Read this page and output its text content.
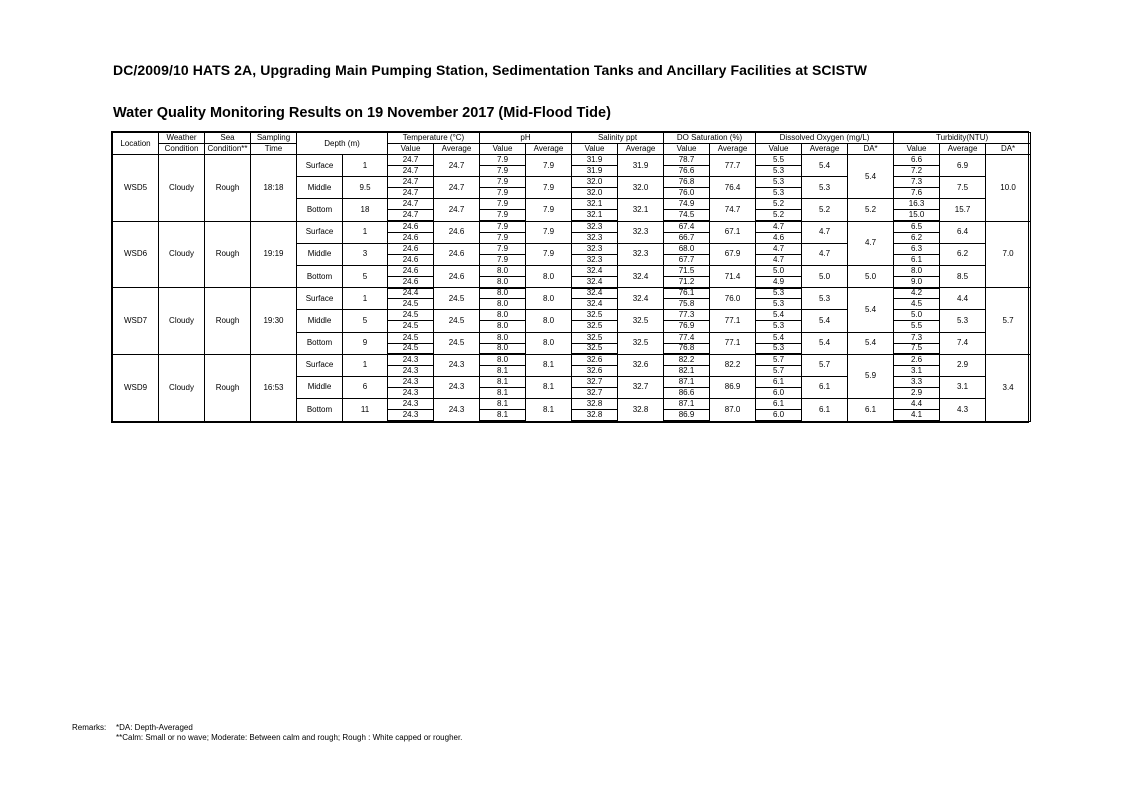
DC/2009/10 HATS 2A, Upgrading Main Pumping Station, Sedimentation Tanks and Ancillary Facilities at SCISTW
Water Quality Monitoring Results on 19 November 2017 (Mid-Flood Tide)
Location	Weather	Sea	Sampling	Depth (m)		Temperature (°C)		pH		Salinity ppt		DO Saturation (%)		Dissolved Oxygen (mg/L)			Turbidity(NTU)		
	Condition	Condition**	Time			Value	Average	Value	Average	Value	Average	Value	Average	Value	Average	DA*	Value	Average	DA*
WSD5	Cloudy	Rough	18:18	Surface	1	24.7	24.7	7.9	7.9	31.9	31.9	78.7	77.7	5.5	5.4	5.4	6.6	6.9	10.0
						24.7		7.9		31.9		76.6		5.3			7.2		
				Middle	9.5	24.7	24.7	7.9	7.9	32.0	32.0	76.8	76.4	5.3	5.3		7.3	7.5	
						24.7		7.9		32.0		76.0		5.3			7.6		
				Bottom	18	24.7	24.7	7.9	7.9	32.1	32.1	74.9	74.7	5.2	5.2	5.2	16.3	15.7	
						24.7		7.9		32.1		74.5		5.2			15.0		
WSD6	Cloudy	Rough	19:19	Surface	1	24.6	24.6	7.9	7.9	32.3	32.3	67.4	67.1	4.7	4.7	4.7	6.5	6.4	7.0
						24.6		7.9		32.3		66.7		4.6			6.2		
				Middle	3	24.6	24.6	7.9	7.9	32.3	32.3	68.0	67.9	4.7	4.7		6.3	6.2	
						24.6		7.9		32.3		67.7		4.7			6.1		
				Bottom	5	24.6	24.6	8.0	8.0	32.4	32.4	71.5	71.4	5.0	5.0	5.0	8.0	8.5	
						24.6		8.0		32.4		71.2		4.9			9.0		
WSD7	Cloudy	Rough	19:30	Surface	1	24.4	24.5	8.0	8.0	32.4	32.4	76.1	76.0	5.3	5.3	5.4	4.2	4.4	5.7
						24.5		8.0		32.4		75.8		5.3			4.5		
				Middle	5	24.5	24.5	8.0	8.0	32.5	32.5	77.3	77.1	5.4	5.4		5.0	5.3	
						24.5		8.0		32.5		76.9		5.3			5.5		
				Bottom	9	24.5	24.5	8.0	8.0	32.5	32.5	77.4	77.1	5.4	5.4	5.4	7.3	7.4	
						24.5		8.0		32.5		76.8		5.3			7.5		
WSD9	Cloudy	Rough	16:53	Surface	1	24.3	24.3	8.0	8.1	32.6	32.6	82.2	82.2	5.7	5.7	5.9	2.6	2.9	3.4
						24.3		8.1		32.6		82.1		5.7			3.1		
				Middle	6	24.3	24.3	8.1	8.1	32.7	32.7	87.1	86.9	6.1	6.1		3.3	3.1	
						24.3		8.1		32.7		86.6		6.0			2.9		
				Bottom	11	24.3	24.3	8.1	8.1	32.8	32.8	87.1	87.0	6.1	6.1	6.1	4.4	4.3	
						24.3		8.1		32.8		86.9		6.0			4.1		
Remarks: *DA: Depth-Averaged
**Calm: Small or no wave; Moderate: Between calm and rough; Rough : White capped or rougher.
